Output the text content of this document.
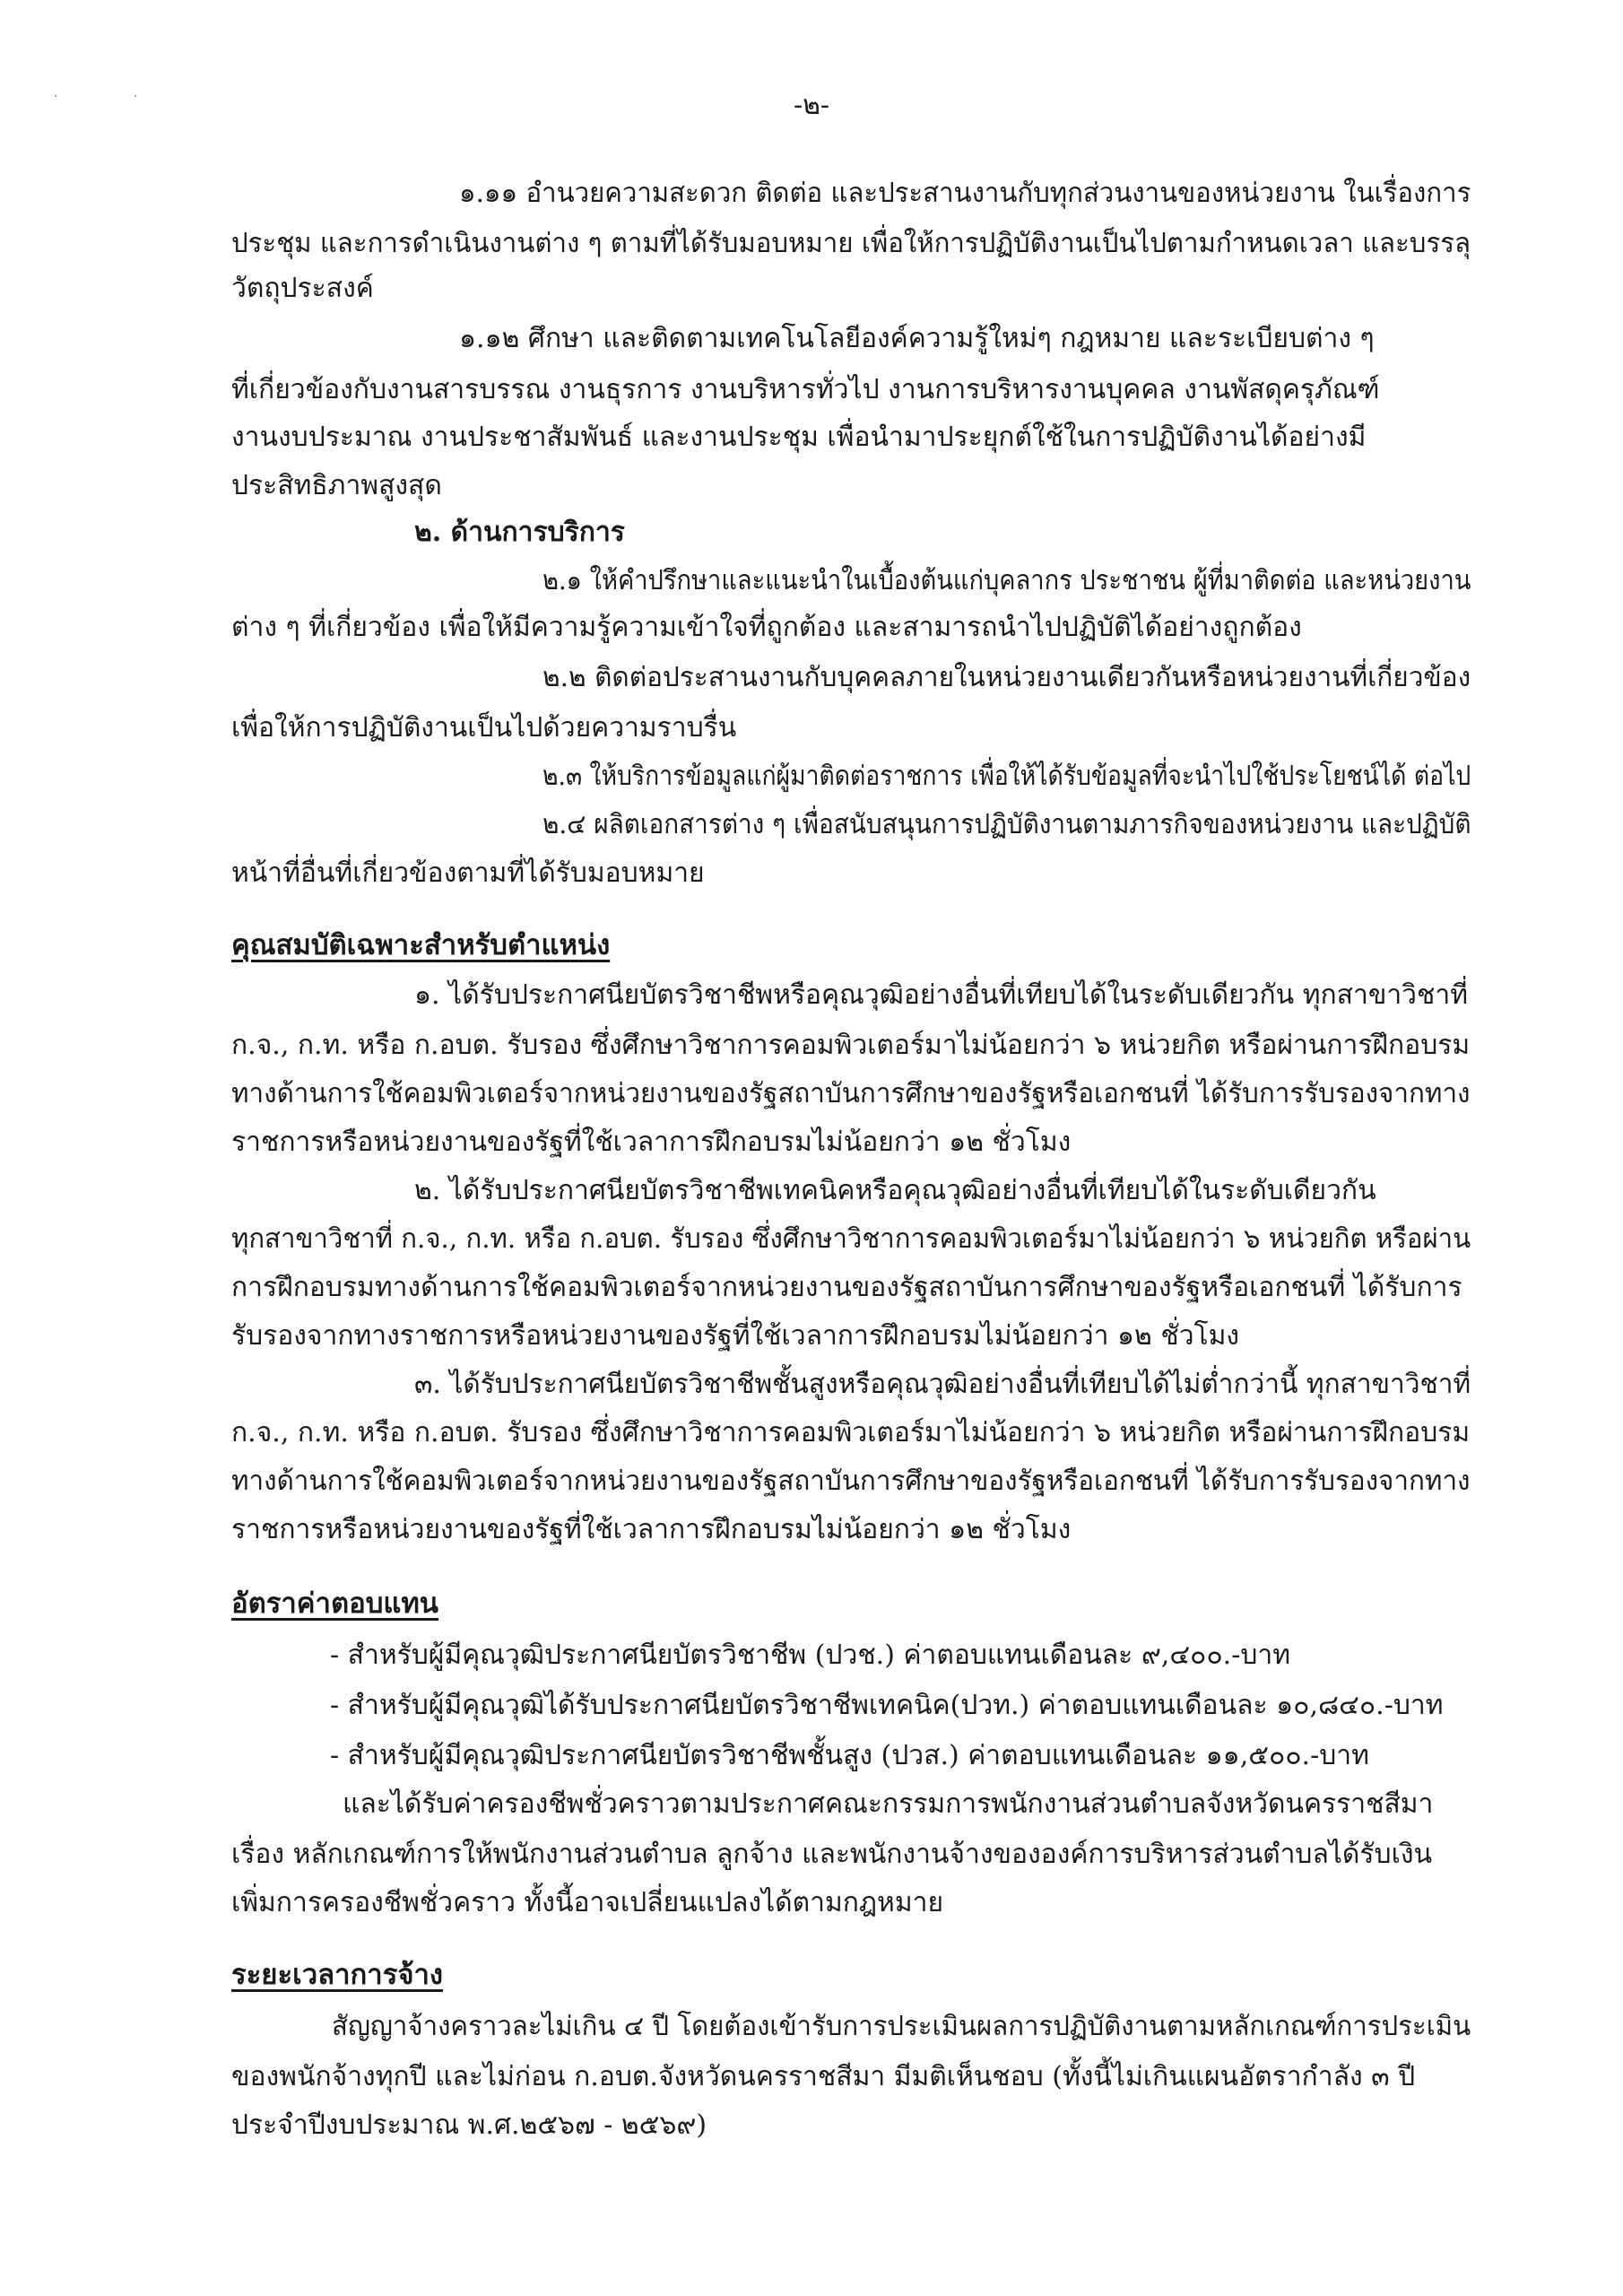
· ·	-๒-
๑.๑๑ อำนวยความสะดวก ติดต่อ และประสานงานกับทุกส่วนงานของหน่วยงาน ในเรื่องการ
ประชุม และการดำเนินงานต่าง ๆ ตามที่ได้รับมอบหมาย เพื่อให้การปฏิบัติงานเป็นไปตามกำหนดเวลา และบรรลุ
วัตถุประสงค์
๑.๑๒ ศึกษา และติดตามเทคโนโลยีองค์ความรู้ใหม่ๆ กฎหมาย และระเบียบต่าง ๆ
ที่เกี่ยวข้องกับงานสารบรรณ งานธุรการ งานบริหารทั่วไป งานการบริหารงานบุคคล งานพัสดุครุภัณฑ์
งานงบประมาณ งานประชาสัมพันธ์ และงานประชุม เพื่อนำมาประยุกต์ใช้ในการปฏิบัติงานได้อย่างมี
ประสิทธิภาพสูงสุด
๒. ด้านการบริการ
๒.๑ ให้คำปรึกษาและแนะนำในเบื้องต้นแก่บุคลากร ประชาชน ผู้ที่มาติดต่อ และหน่วยงาน
ต่าง ๆ ที่เกี่ยวข้อง เพื่อให้มีความรู้ความเข้าใจที่ถูกต้อง และสามารถนำไปปฏิบัติได้อย่างถูกต้อง
๒.๒ ติดต่อประสานงานกับบุคคลภายในหน่วยงานเดียวกันหรือหน่วยงานที่เกี่ยวข้อง
เพื่อให้การปฏิบัติงานเป็นไปด้วยความราบรื่น
๒.๓ ให้บริการข้อมูลแก่ผู้มาติดต่อราชการ เพื่อให้ได้รับข้อมูลที่จะนำไปใช้ประโยชน์ได้ ต่อไป
๒.๔ ผลิตเอกสารต่าง ๆ เพื่อสนับสนุนการปฏิบัติงานตามภารกิจของหน่วยงาน และปฏิบัติ
หน้าที่อื่นที่เกี่ยวข้องตามที่ได้รับมอบหมาย
คุณสมบัติเฉพาะสำหรับตำแหน่ง
๑. ได้รับประกาศนียบัตรวิชาชีพหรือคุณวุฒิอย่างอื่นที่เทียบได้ในระดับเดียวกัน ทุกสาขาวิชาที่
ก.จ., ก.ท. หรือ ก.อบต. รับรอง ซึ่งศึกษาวิชาการคอมพิวเตอร์มาไม่น้อยกว่า ๖ หน่วยกิต หรือผ่านการฝึกอบรม
ทางด้านการใช้คอมพิวเตอร์จากหน่วยงานของรัฐสถาบันการศึกษาของรัฐหรือเอกชนที่ ได้รับการรับรองจากทาง
ราชการหรือหน่วยงานของรัฐที่ใช้เวลาการฝึกอบรมไม่น้อยกว่า ๑๒ ชั่วโมง
๒. ได้รับประกาศนียบัตรวิชาชีพเทคนิคหรือคุณวุฒิอย่างอื่นที่เทียบได้ในระดับเดียวกัน
ทุกสาขาวิชาที่ ก.จ., ก.ท. หรือ ก.อบต. รับรอง ซึ่งศึกษาวิชาการคอมพิวเตอร์มาไม่น้อยกว่า ๖ หน่วยกิต หรือผ่าน
การฝึกอบรมทางด้านการใช้คอมพิวเตอร์จากหน่วยงานของรัฐสถาบันการศึกษาของรัฐหรือเอกชนที่ ได้รับการ
รับรองจากทางราชการหรือหน่วยงานของรัฐที่ใช้เวลาการฝึกอบรมไม่น้อยกว่า ๑๒ ชั่วโมง
๓. ได้รับประกาศนียบัตรวิชาชีพชั้นสูงหรือคุณวุฒิอย่างอื่นที่เทียบได้ไม่ต่ำกว่านี้ ทุกสาขาวิชาที่
ก.จ., ก.ท. หรือ ก.อบต. รับรอง ซึ่งศึกษาวิชาการคอมพิวเตอร์มาไม่น้อยกว่า ๖ หน่วยกิต หรือผ่านการฝึกอบรม
ทางด้านการใช้คอมพิวเตอร์จากหน่วยงานของรัฐสถาบันการศึกษาของรัฐหรือเอกชนที่ ได้รับการรับรองจากทาง
ราชการหรือหน่วยงานของรัฐที่ใช้เวลาการฝึกอบรมไม่น้อยกว่า ๑๒ ชั่วโมง
อัตราค่าตอบแทน
- สำหรับผู้มีคุณวุฒิประกาศนียบัตรวิชาชีพ (ปวช.) ค่าตอบแทนเดือนละ ๙,๔๐๐.-บาท
- สำหรับผู้มีคุณวุฒิได้รับประกาศนียบัตรวิชาชีพเทคนิค(ปวท.) ค่าตอบแทนเดือนละ ๑๐,๘๔๐.-บาท
- สำหรับผู้มีคุณวุฒิประกาศนียบัตรวิชาชีพชั้นสูง (ปวส.) ค่าตอบแทนเดือนละ ๑๑,๕๐๐.-บาท
และได้รับค่าครองชีพชั่วคราวตามประกาศคณะกรรมการพนักงานส่วนตำบลจังหวัดนครราชสีมา
เรื่อง หลักเกณฑ์การให้พนักงานส่วนตำบล ลูกจ้าง และพนักงานจ้างขององค์การบริหารส่วนตำบลได้รับเงิน
เพิ่มการครองชีพชั่วคราว ทั้งนี้อาจเปลี่ยนแปลงได้ตามกฎหมาย
ระยะเวลาการจ้าง
สัญญาจ้างคราวละไม่เกิน ๔ ปี โดยต้องเข้ารับการประเมินผลการปฏิบัติงานตามหลักเกณฑ์การประเมิน
ของพนักจ้างทุกปี และไม่ก่อน ก.อบต.จังหวัดนครราชสีมา มีมติเห็นชอบ (ทั้งนี้ไม่เกินแผนอัตรากำลัง ๓ ปี
ประจำปีงบประมาณ พ.ศ.๒๕๖๗ - ๒๕๖๙)
